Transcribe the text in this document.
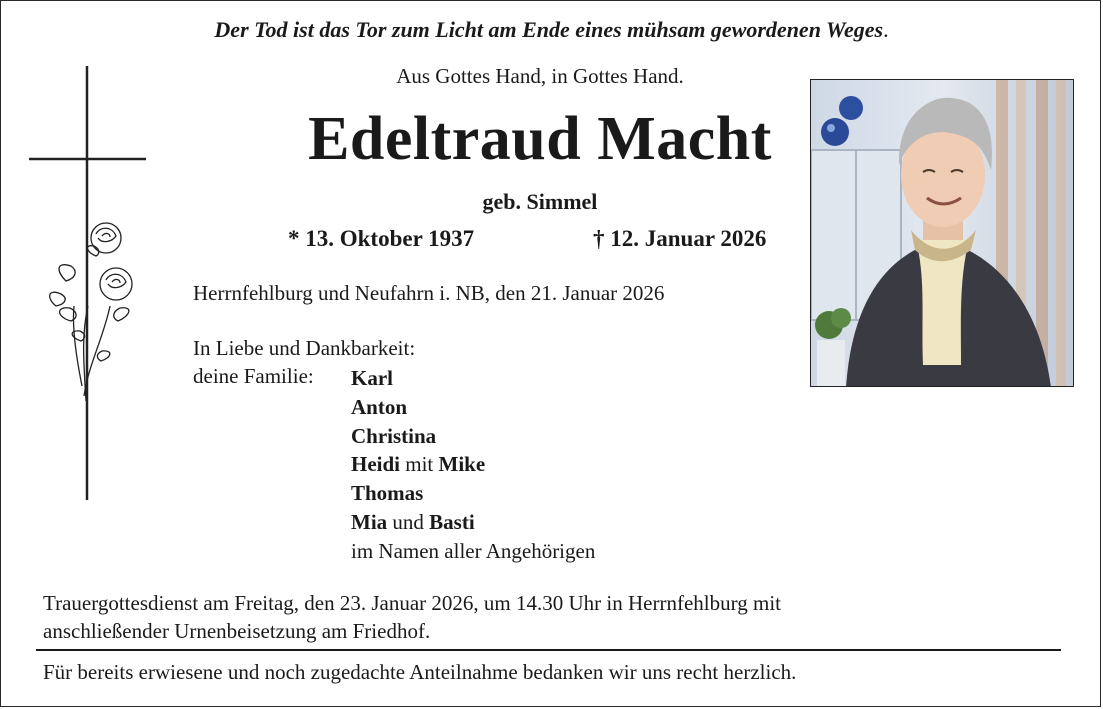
Der Tod ist das Tor zum Licht am Ende eines mühsam gewordenen Weges.
Aus Gottes Hand, in Gottes Hand.
Edeltraud Macht
geb. Simmel
* 13. Oktober 1937	† 12. Januar 2026
Herrnfehlburg und Neufahrn i. NB, den 21. Januar 2026
In Liebe und Dankbarkeit:
deine Familie: Karl
Anton
Christina
Heidi mit Mike
Thomas
Mia und Basti
im Namen aller Angehörigen
Trauergottesdienst am Freitag, den 23. Januar 2026, um 14.30 Uhr in Herrnfehlburg mit
anschließender Urnenbeisetzung am Friedhof.
Für bereits erwiesene und noch zugedachte Anteilnahme bedanken wir uns recht herzlich.
